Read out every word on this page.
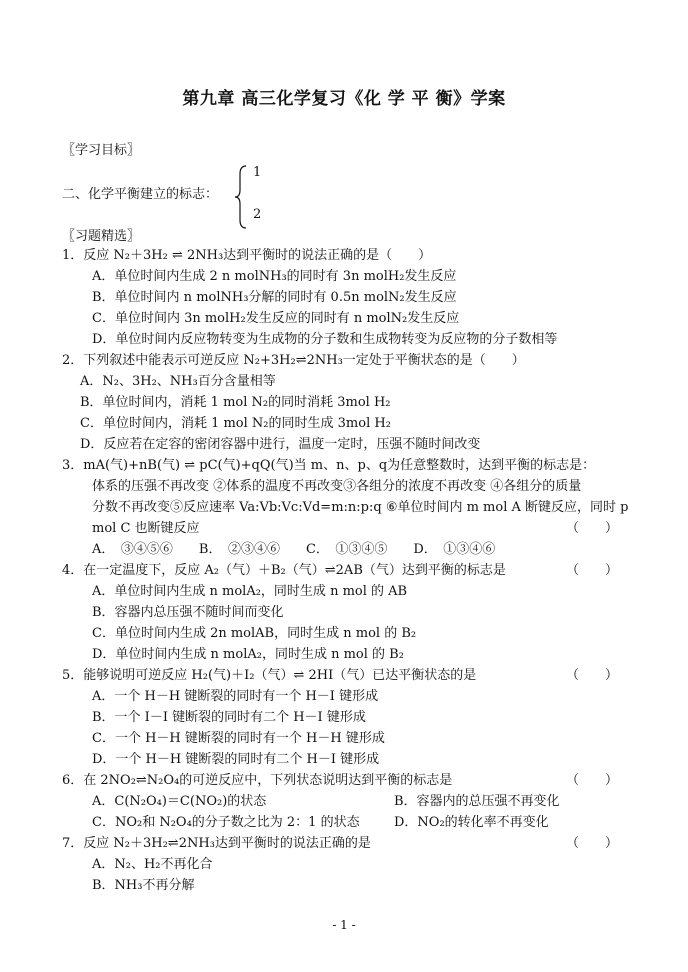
第九章 高三化学复习《化 学 平 衡》学案
〖学习目标〗
二、化学平衡建立的标志：
1
2
〖习题精选〗
1．反应 N₂＋3H₂ ⇌ 2NH₃达到平衡时的说法正确的是（　　）
A．单位时间内生成 2 n molNH₃的同时有 3n molH₂发生反应
B．单位时间内 n molNH₃分解的同时有 0.5n molN₂发生反应
C．单位时间内 3n molH₂发生反应的同时有 n molN₂发生反应
D．单位时间内反应物转变为生成物的分子数和生成物转变为反应物的分子数相等
2．下列叙述中能表示可逆反应 N₂+3H₂⇌2NH₃一定处于平衡状态的是（　　）
A．N₂、3H₂、NH₃百分含量相等
B．单位时间内，消耗 1 mol N₂的同时消耗 3mol H₂
C．单位时间内，消耗 1 mol N₂的同时生成 3mol H₂
D．反应若在定容的密闭容器中进行，温度一定时，压强不随时间改变
3．mA(气)+nB(气) ⇌ pC(气)+qQ(气)当 m、n、p、q为任意整数时，达到平衡的标志是：
体系的压强不再改变 ②体系的温度不再改变③各组分的浓度不再改变 ④各组分的质量
分数不再改变⑤反应速率 Va:Vb:Vc:Vd=m:n:p:q ⑥单位时间内 m mol A 断键反应，同时 p
mol C 也断键反应	（　　）
A．　③④⑤⑥　　B．　②③④⑥　　C．　①③④⑤　　D．　①③④⑥
4．在一定温度下，反应 A₂（气）＋B₂（气）⇌2AB（气）达到平衡的标志是	（　　）
A．单位时间内生成 n molA₂，同时生成 n mol 的 AB
B．容器内总压强不随时间而变化
C．单位时间内生成 2n molAB，同时生成 n mol 的 B₂
D．单位时间内生成 n molA₂，同时生成 n mol 的 B₂
5．能够说明可逆反应 H₂(气)＋I₂（气）⇌ 2HI（气）已达平衡状态的是	（　　）
A．一个 H－H 键断裂的同时有一个 H－I 键形成
B．一个 I－I 键断裂的同时有二个 H－I 键形成
C．一个 H－H 键断裂的同时有一个 H－H 键形成
D．一个 H－H 键断裂的同时有二个 H－I 键形成
6．在 2NO₂⇌N₂O₄的可逆反应中，下列状态说明达到平衡的标志是	（　　）
A．C(N₂O₄)＝C(NO₂)的状态	B．容器内的总压强不再变化
C．NO₂和 N₂O₄的分子数之比为 2：1 的状态	D．NO₂的转化率不再变化
7．反应 N₂＋3H₂⇌2NH₃达到平衡时的说法正确的是	（　　）
A．N₂、H₂不再化合
B．NH₃不再分解
- 1 -
